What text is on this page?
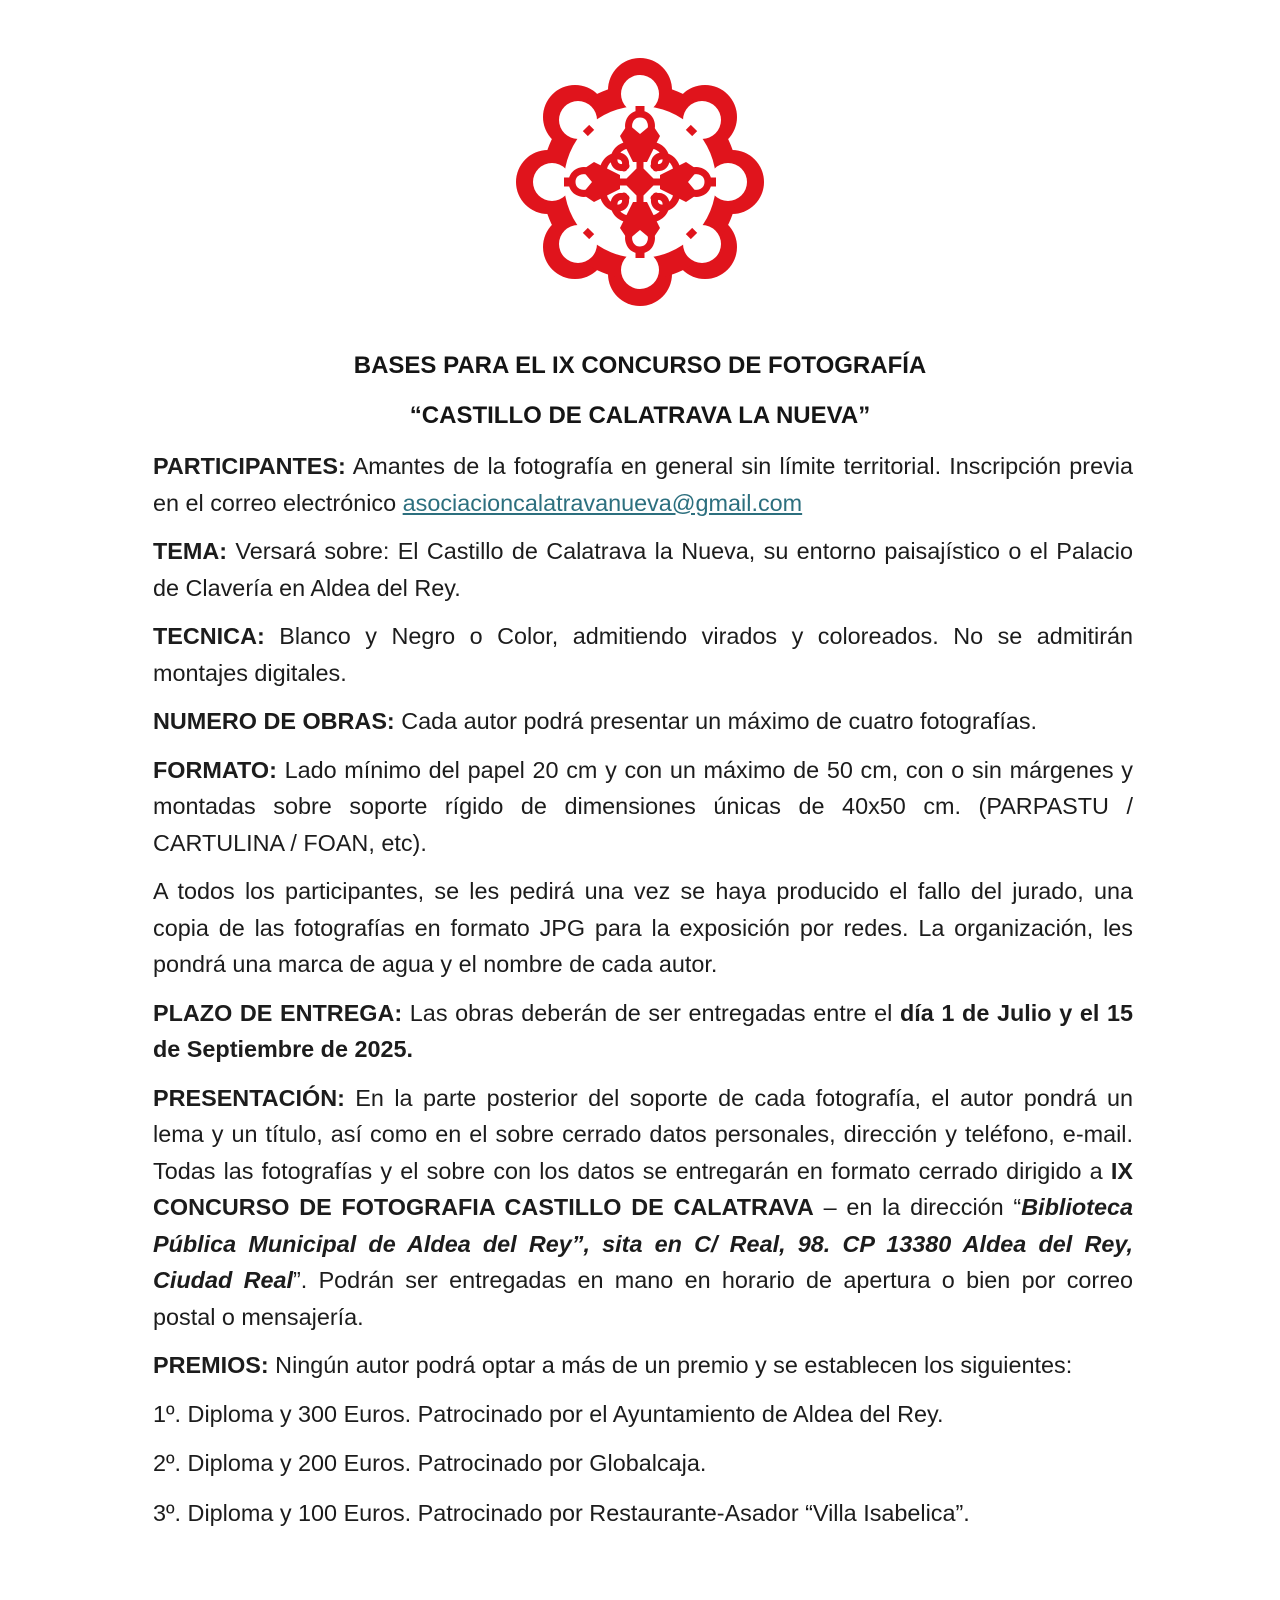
BASES PARA EL IX CONCURSO DE FOTOGRAFÍA
“CASTILLO DE CALATRAVA LA NUEVA”

PARTICIPANTES: Amantes de la fotografía en general sin límite territorial. Inscripción previa en el correo electrónico asociacioncalatravanueva@gmail.com

TEMA: Versará sobre: El Castillo de Calatrava la Nueva, su entorno paisajístico o el Palacio de Clavería en Aldea del Rey.

TECNICA: Blanco y Negro o Color, admitiendo virados y coloreados. No se admitirán montajes digitales.

NUMERO DE OBRAS: Cada autor podrá presentar un máximo de cuatro fotografías.

FORMATO: Lado mínimo del papel 20 cm y con un máximo de 50 cm, con o sin márgenes y montadas sobre soporte rígido de dimensiones únicas de 40x50 cm. (PARPASTU / CARTULINA / FOAN, etc).

A todos los participantes, se les pedirá una vez se haya producido el fallo del jurado, una copia de las fotografías en formato JPG para la exposición por redes. La organización, les pondrá una marca de agua y el nombre de cada autor.

PLAZO DE ENTREGA: Las obras deberán de ser entregadas entre el día 1 de Julio y el 15 de Septiembre de 2025.

PRESENTACIÓN: En la parte posterior del soporte de cada fotografía, el autor pondrá un lema y un título, así como en el sobre cerrado datos personales, dirección y teléfono, e-mail. Todas las fotografías y el sobre con los datos se entregarán en formato cerrado dirigido a IX CONCURSO DE FOTOGRAFIA CASTILLO DE CALATRAVA – en la dirección “Biblioteca Pública Municipal de Aldea del Rey”, sita en C/ Real, 98. CP 13380 Aldea del Rey, Ciudad Real”. Podrán ser entregadas en mano en horario de apertura o bien por correo postal o mensajería.

PREMIOS: Ningún autor podrá optar a más de un premio y se establecen los siguientes:

1º. Diploma y 300 Euros. Patrocinado por el Ayuntamiento de Aldea del Rey.

2º. Diploma y 200 Euros. Patrocinado por Globalcaja.

3º. Diploma y 100 Euros. Patrocinado por Restaurante-Asador “Villa Isabelica”.
